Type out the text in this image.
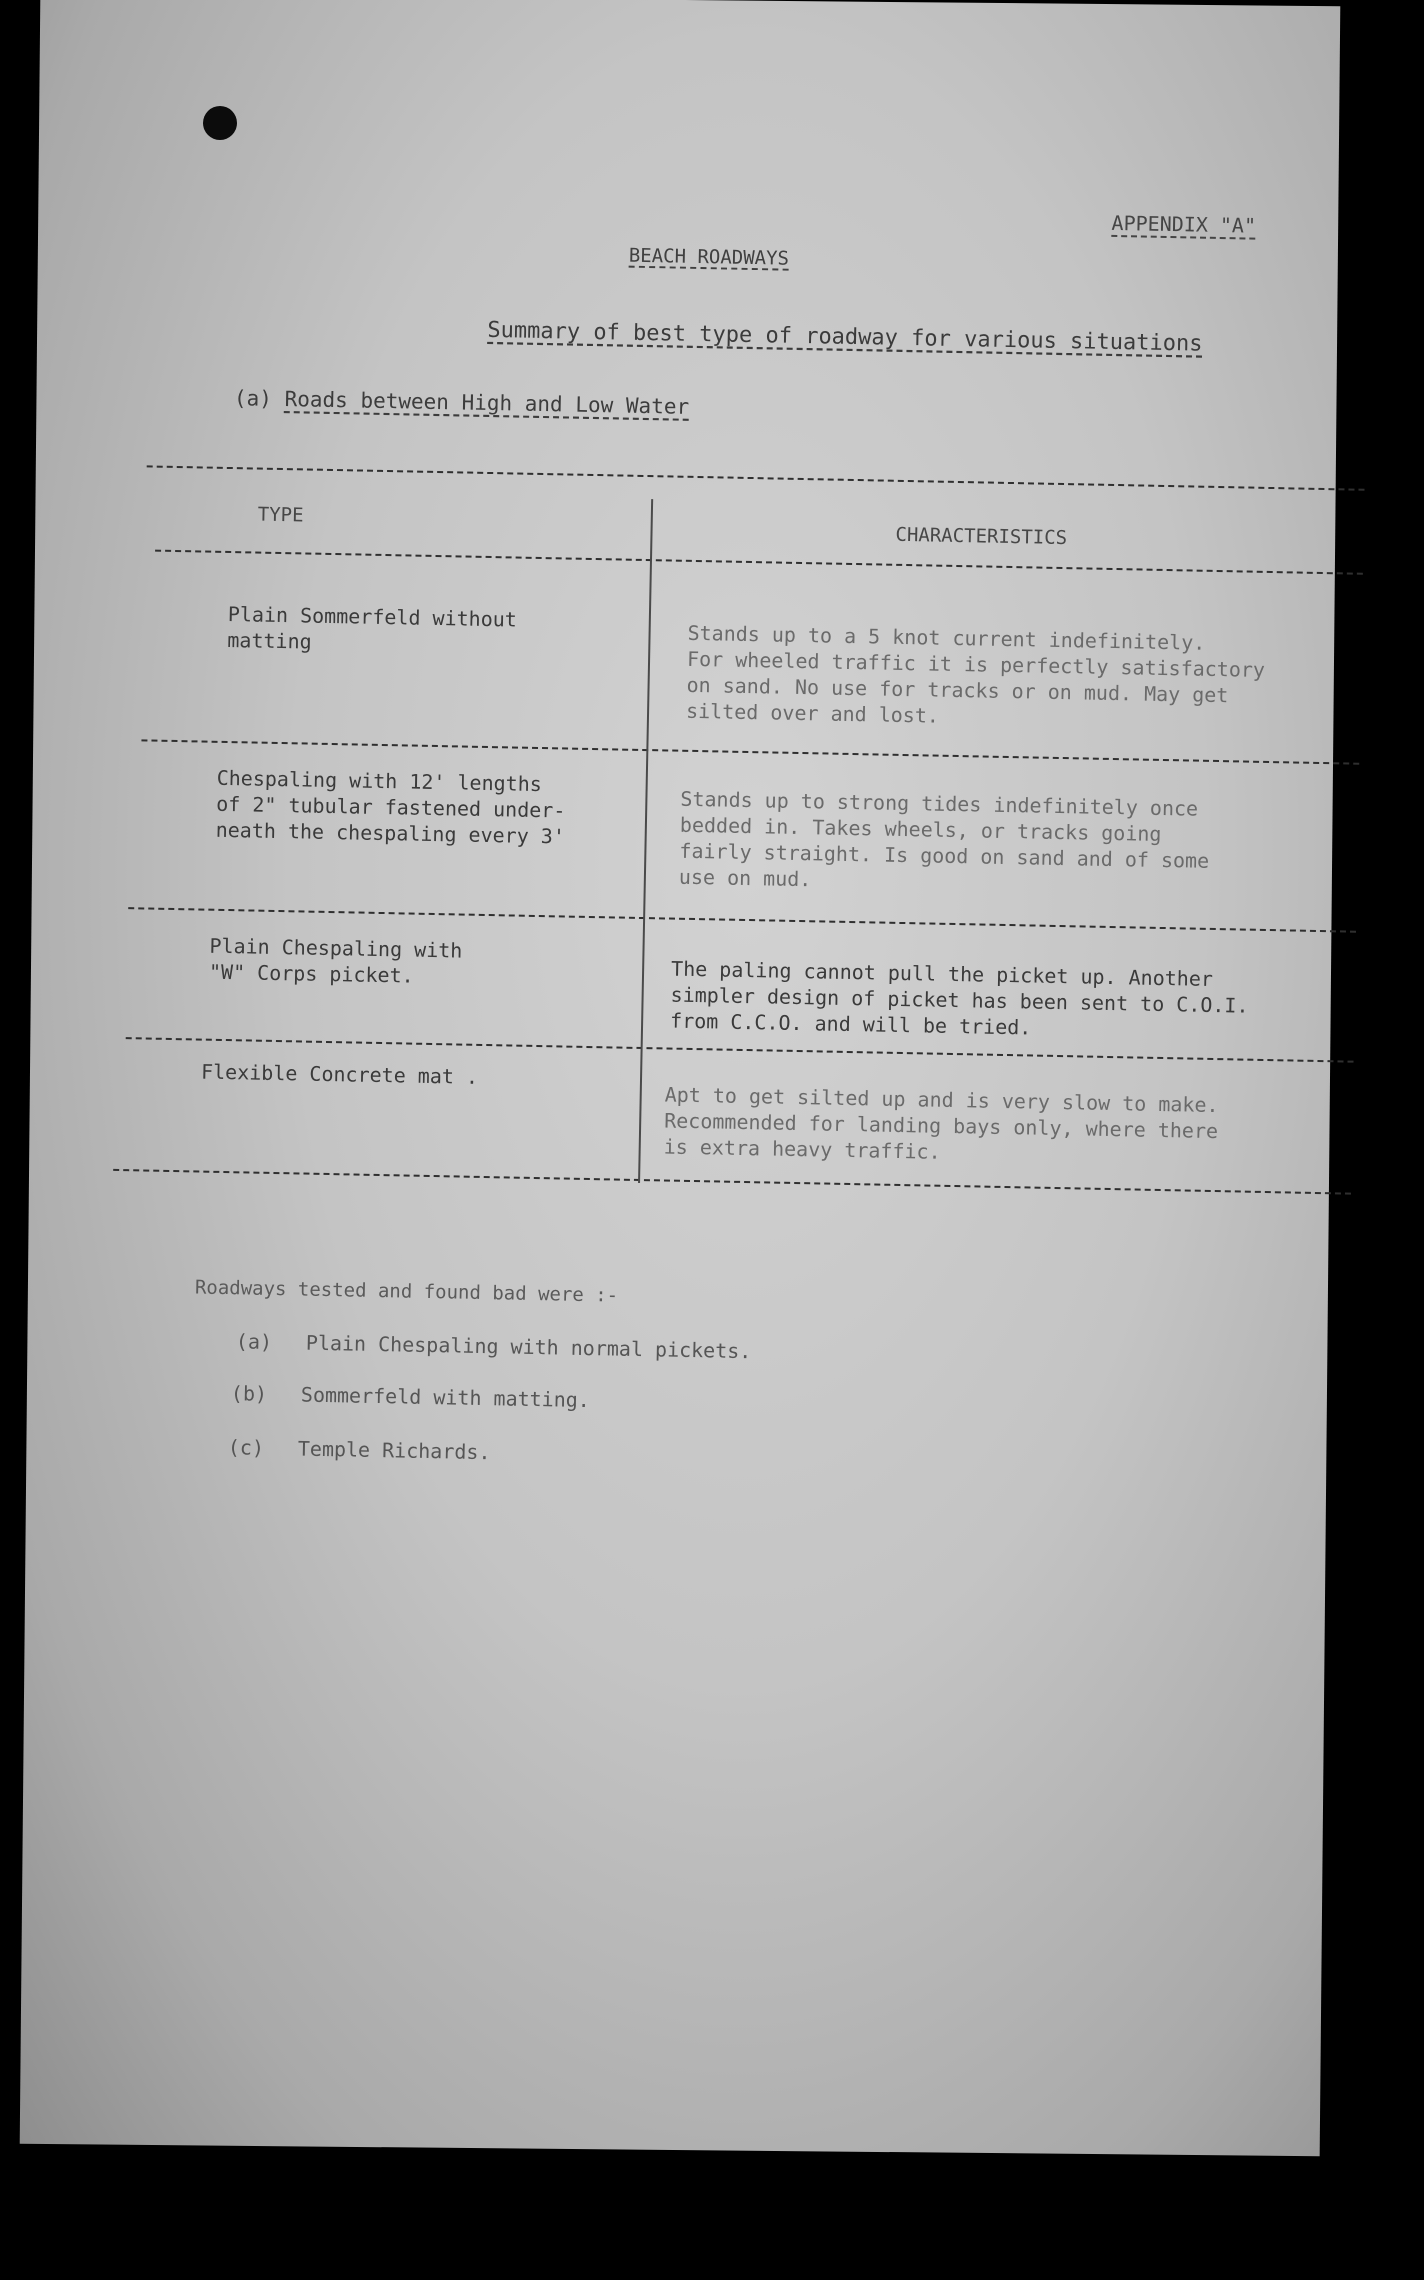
APPENDIX "A"
BEACH ROADWAYS
Summary of best type of roadway for various situations
(a) Roads between High and Low Water
TYPE
CHARACTERISTICS
Plain Sommerfeld without
matting	Stands up to a 5 knot current indefinitely.
For wheeled traffic it is perfectly satisfactory
on sand. No use for tracks or on mud. May get
silted over and lost.
Chespaling with 12' lengths
of 2" tubular fastened under-
neath the chespaling every 3'
Stands up to strong tides indefinitely once
bedded in. Takes wheels, or tracks going
fairly straight. Is good on sand and of some
use on mud.
Plain Chespaling with
"W" Corps picket.	The paling cannot pull the picket up. Another
simpler design of picket has been sent to C.O.I.
from C.C.O. and will be tried.
Flexible Concrete mat .
Apt to get silted up and is very slow to make.
Recommended for landing bays only, where there
is extra heavy traffic.
Roadways tested and found bad were :-
(a) Plain Chespaling with normal pickets.
(b) Sommerfeld with matting.
(c) Temple Richards.
